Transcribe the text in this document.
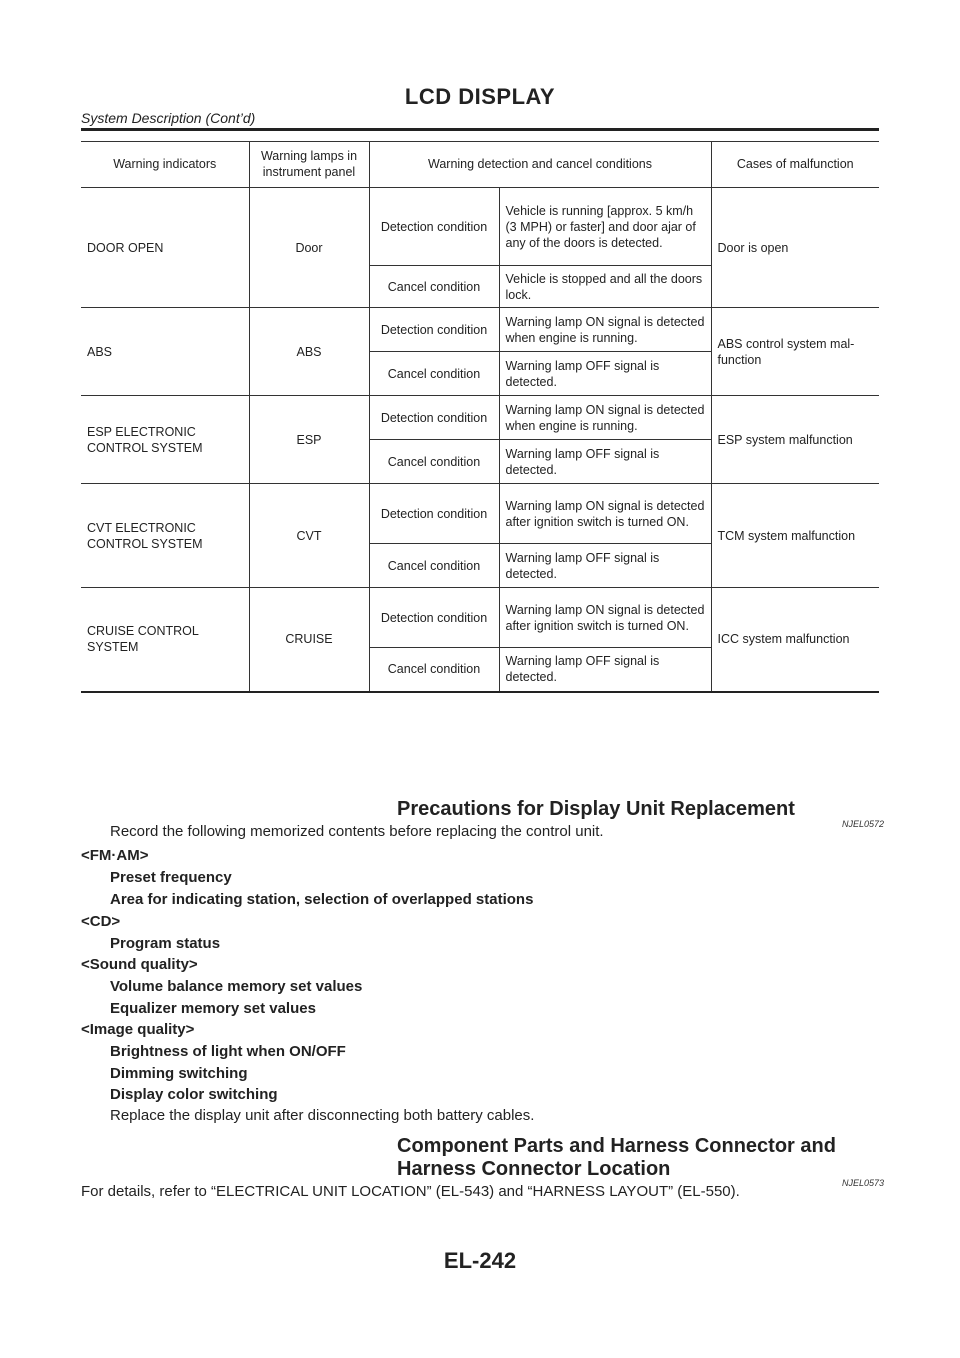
LCD DISPLAY
System Description (Cont’d)
Warning indicators	Warning lamps in instrument panel	Warning detection and cancel conditions		Cases of malfunction
DOOR OPEN	Door	Detection condition	Vehicle is running [approx. 5 km/h (3 MPH) or faster] and door ajar of any of the doors is detected.	Door is open
		Cancel condition	Vehicle is stopped and all the doors lock.	
ABS	ABS	Detection condition	Warning lamp ON signal is detected when engine is running.	ABS control system mal-function
		Cancel condition	Warning lamp OFF signal is detected.	
ESP ELECTRONIC CONTROL SYSTEM	ESP	Detection condition	Warning lamp ON signal is detected when engine is running.	ESP system malfunction
		Cancel condition	Warning lamp OFF signal is detected.	
CVT ELECTRONIC CONTROL SYSTEM	CVT	Detection condition	Warning lamp ON signal is detected after ignition switch is turned ON.	TCM system malfunction
		Cancel condition	Warning lamp OFF signal is detected.	
CRUISE CONTROL SYSTEM	CRUISE	Detection condition	Warning lamp ON signal is detected after ignition switch is turned ON.	ICC system malfunction
		Cancel condition	Warning lamp OFF signal is detected.	
Precautions for Display Unit Replacement
NJEL0572
Record the following memorized contents before replacing the control unit.
<FM·AM>
Preset frequency
Area for indicating station, selection of overlapped stations
<CD>
Program status
<Sound quality>
Volume balance memory set values
Equalizer memory set values
<Image quality>
Brightness of light when ON/OFF
Dimming switching
Display color switching
Replace the display unit after disconnecting both battery cables.
Component Parts and Harness Connector and
Harness Connector Location
NJEL0573
For details, refer to “ELECTRICAL UNIT LOCATION” (EL-543) and “HARNESS LAYOUT” (EL-550).
EL-242
